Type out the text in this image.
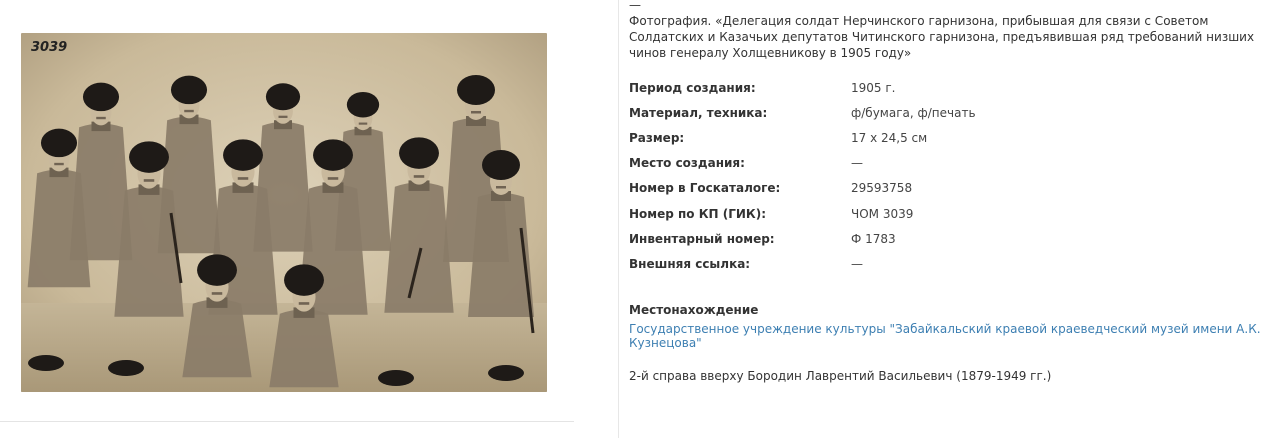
3039
—
Фотография. «Делегация солдат Нерчинского гарнизона, прибывшая для связи с Советом Солдатских и Казачьих депутатов Читинского гарнизона, предъявившая ряд требований низших чинов генералу Холщевникову в 1905 году»
Период создания:	1905 г.
Материал, техника:	ф/бумага, ф/печать
Размер:	17 х 24,5 см
Место создания:	—
Номер в Госкаталоге:	29593758
Номер по КП (ГИК):	ЧОМ 3039
Инвентарный номер:	Ф 1783
Внешняя ссылка:	—
Местонахождение
Государственное учреждение культуры "Забайкальский краевой краеведческий музей имени А.К. Кузнецова"
2-й справа вверху Бородин Лаврентий Васильевич (1879-1949 гг.)
